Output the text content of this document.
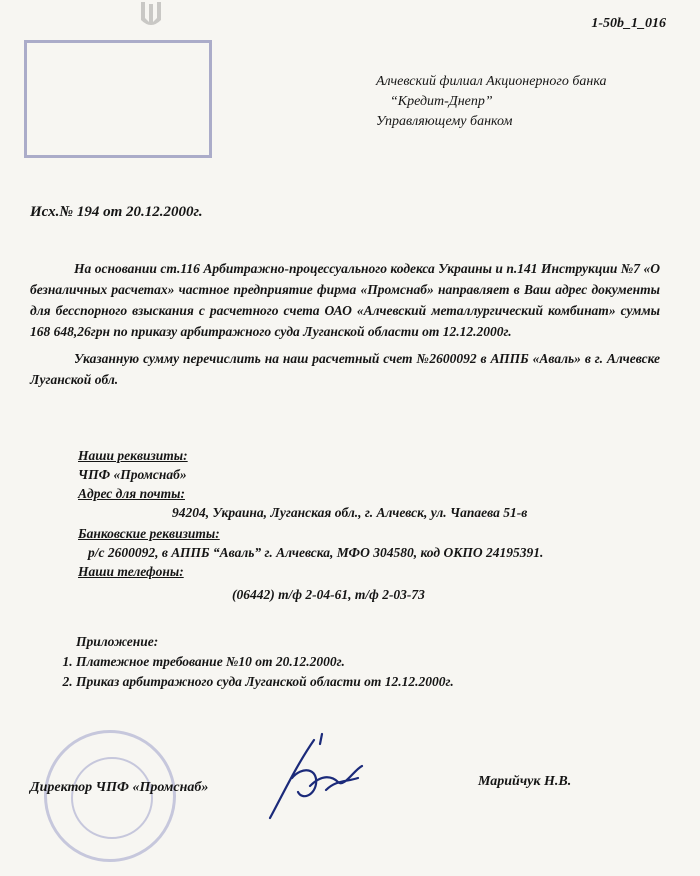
1-50b_1_016
Алчевский филиал Акционерного банка
“Кредит-Днепр”
Управляющему банком
Исх.№ 194 от 20.12.2000г.

На основании ст.116 Арбитражно-процессуального кодекса Украины и п.141 Инструкции №7 «О безналичных расчетах» частное предприятие фирма «Промснаб» направляет в Ваш адрес документы для бесспорного взыскания с расчетного счета ОАО «Алчевский металлургический комбинат» суммы 168 648,26грн по приказу арбитражного суда Луганской области от 12.12.2000г.

Указанную сумму перечислить на наш расчетный счет №2600092 в АППБ «Аваль» в г. Алчевске Луганской обл.

Наши реквизиты:
ЧПФ «Промснаб»
Адрес для почты:
94204, Украина, Луганская обл., г. Алчевск, ул. Чапаева 51-в
Банковские реквизиты:
р/с 2600092, в АППБ “Аваль” г. Алчевска, МФО 304580, код ОКПО 24195391.
Наши телефоны:
(06442) т/ф 2-04-61, т/ф 2-03-73
Приложение:
1. Платежное требование №10 от 20.12.2000г.
2. Приказ арбитражного суда Луганской области от 12.12.2000г.
Директор ЧПФ «Промснаб»	Марийчук Н.В.
